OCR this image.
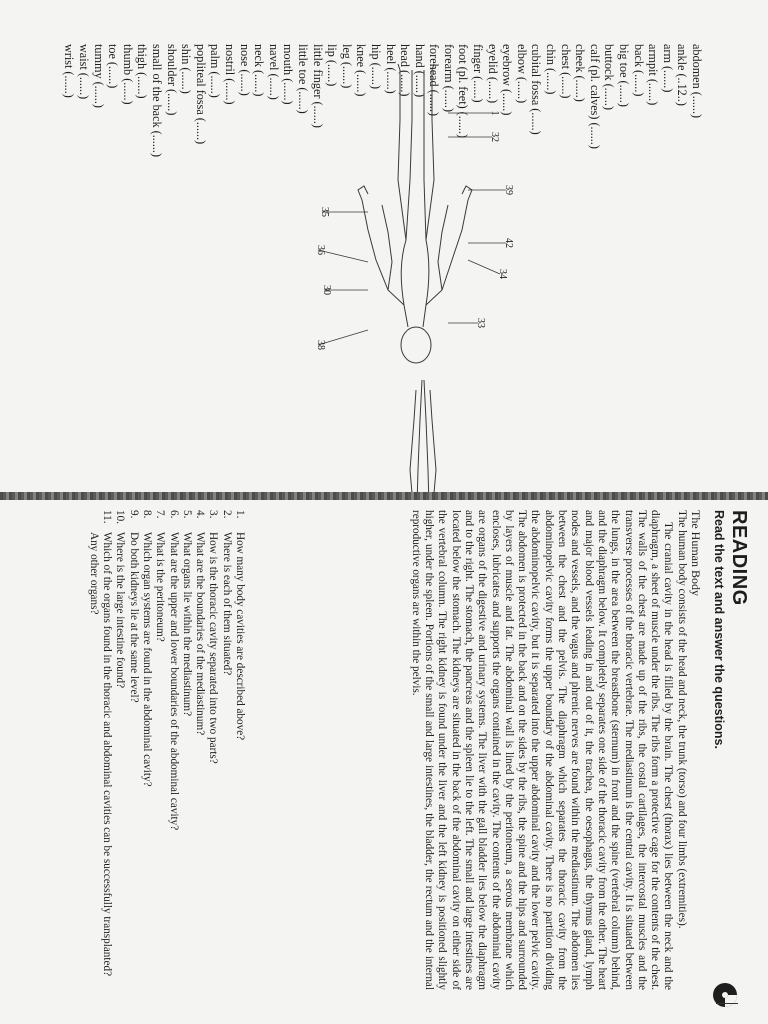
abdomen (......)
ankle (..12..)
arm (......)
armpit (......)
back (......)
big toe (......)
buttock (......)
calf (pl. calves) (......)
cheek (......)
chest (......)
chin (......)
cubital fossa (......)
elbow (......)
eyebrow (......)
eyelid (......)
finger (......)
foot (pl. feet) (......)
forearm (......)
forehead (......)
hand (......)
head (......)
heel (......)
hip (......)
knee (......)
leg (......)
lip (......)
little finger (......)
little toe (......)
mouth (......)
navel (......)
neck (......)
nose (......)
nostril (......)
palm (......)
popliteal fossa (......)
shin (......)
shoulder (......)
small of the back (......)
thigh (......)
thumb (......)
toe (......)
tummy (......)
waist (......)
wrist (......)
39
42
34
33
32
1
38
30
36
35
READING
Read the text and answer the questions.

The Human Body

The human body consists of the head and neck, the trunk (torso) and four limbs (extremities).

The cranial cavity in the head is filled by the brain. The chest (thorax) lies between the neck and the diaphragm, a sheet of muscle under the ribs. The ribs form a protective cage for the contents of the chest. The walls of the chest are made up of the ribs, the costal cartilages, the intercostal muscles and the transverse processes of the thoracic vertebrae. The mediastinum is the central cavity. It is situated between the lungs, in the area between the breastbone (sternum) in front and the spine (vertebral column) behind, and the diaphragm below. It completely separates one side of the thoracic cavity from the other. The heart and major blood vessels leading in and out of it, the trachea, the oesophagus, the thymus gland, lymph nodes and vessels, and the vagus and phrenic nerves are found within the mediastinum. The abdomen lies between the chest and the pelvis. The diaphragm which separates the thoracic cavity from the abdominopelvic cavity forms the upper boundary of the abdominal cavity. There is no partition dividing the abdominopelvic cavity, but it is separated into the upper abdominal cavity and the lower pelvic cavity. The abdomen is protected in the back and on the sides by the ribs, the spine and the hips and surrounded by layers of muscle and fat. The abdominal wall is lined by the peritoneum, a serous membrane which encloses, lubricates and supports the organs contained in the cavity. The contents of the abdominal cavity are organs of the digestive and urinary systems. The liver with the gall bladder lies below the diaphragm and to the right. The stomach, the pancreas and the spleen lie to the left. The small and large intestines are located below the stomach. The kidneys are situated in the back of the abdominal cavity on either side of the vertebral column. The right kidney is found under the liver and the left kidney is positioned slightly higher, under the spleen. Portions of the small and large intestines, the bladder, the rectum and the internal reproductive organs are within the pelvis.

1.How many body cavities are described above?
2.Where is each of them situated?
3.How is the thoracic cavity separated into two parts?
4.What are the boundaries of the mediastinum?
5.What organs lie within the mediastinum?
6.What are the upper and lower boundaries of the abdominal cavity?
7.What is the peritoneum?
8.Which organ systems are found in the abdominal cavity?
9.Do both kidneys lie at the same level?
10.Where is the large intestine found?
11.Which of the organs found in the thoracic and abdominal cavities can be successfully transplanted? Any other organs?
